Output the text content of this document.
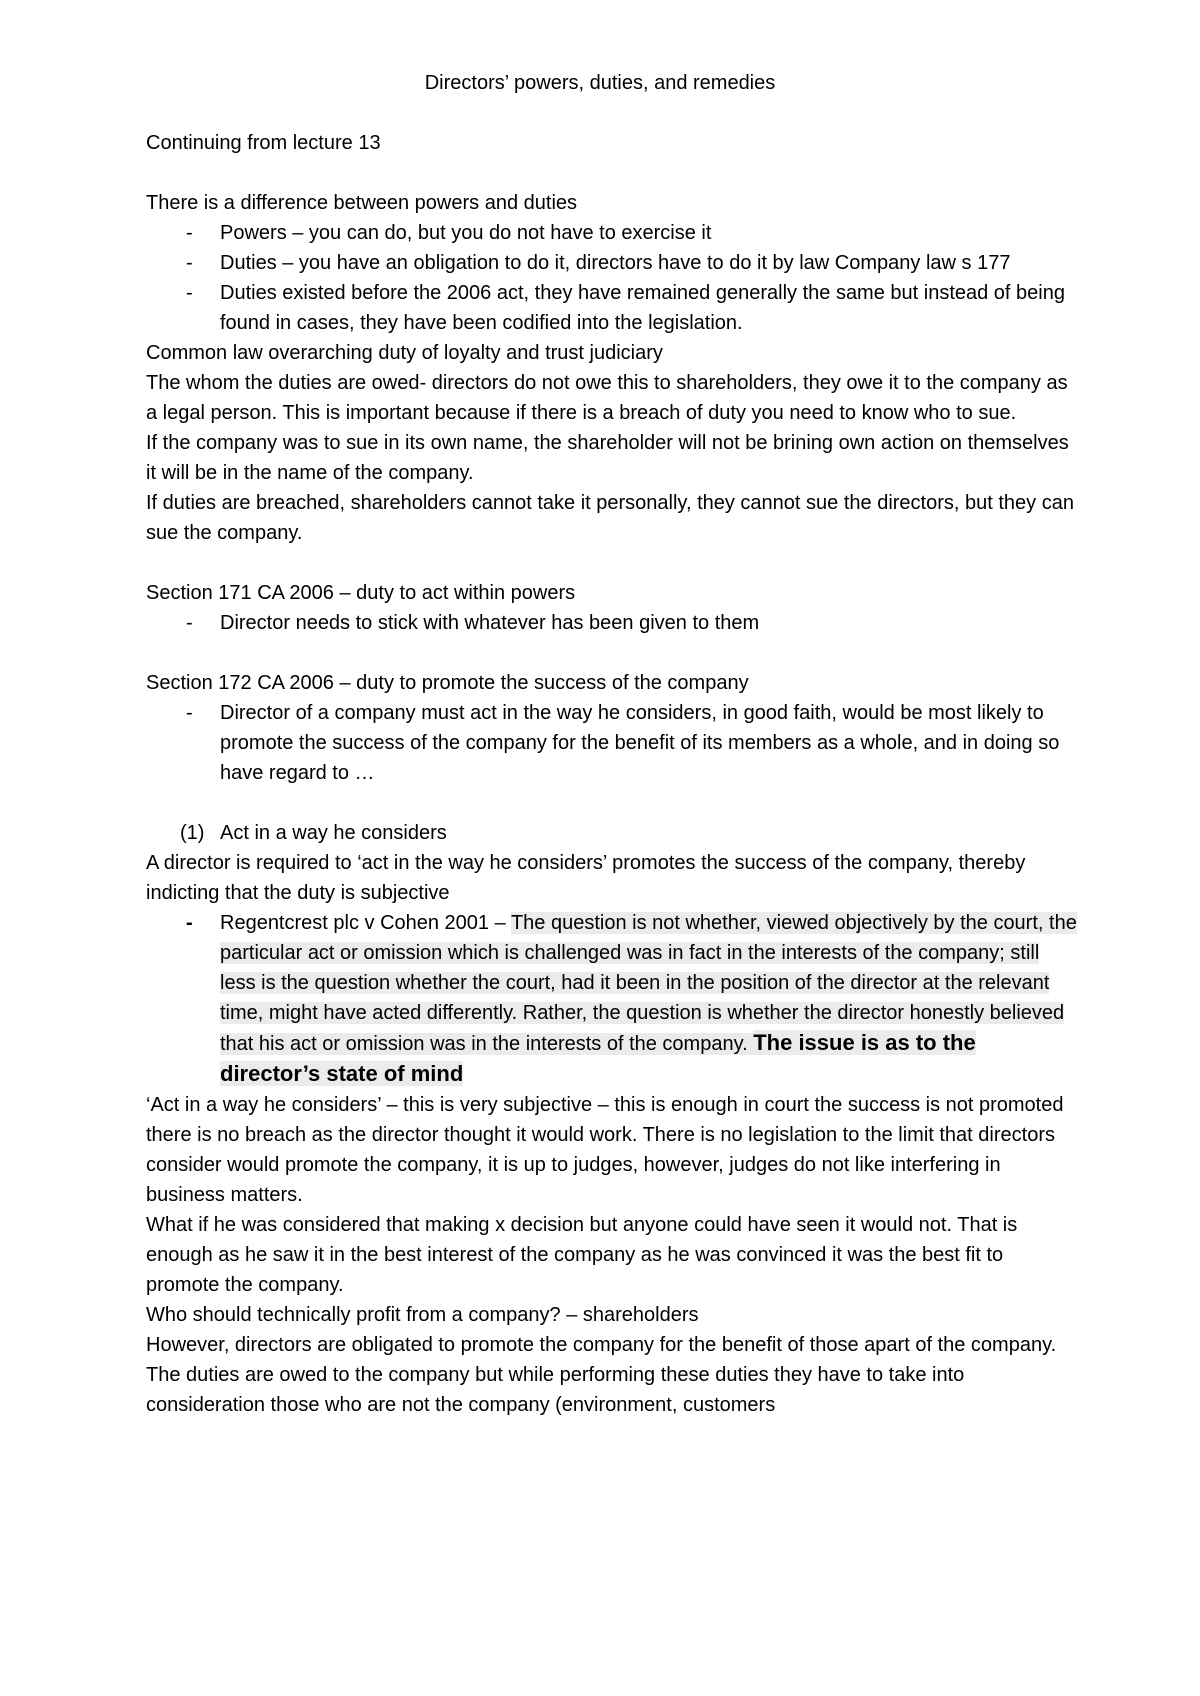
Directors’ powers, duties, and remedies

Continuing from lecture 13

There is a difference between powers and duties

- Powers – you can do, but you do not have to exercise it
- Duties – you have an obligation to do it, directors have to do it by law Company law s 177
- Duties existed before the 2006 act, they have remained generally the same but instead of being found in cases, they have been codified into the legislation.

Common law overarching duty of loyalty and trust judiciary

The whom the duties are owed- directors do not owe this to shareholders, they owe it to the company as a legal person. This is important because if there is a breach of duty you need to know who to sue.

If the company was to sue in its own name, the shareholder will not be brining own action on themselves it will be in the name of the company.

If duties are breached, shareholders cannot take it personally, they cannot sue the directors, but they can sue the company.

Section 171 CA 2006 – duty to act within powers

- Director needs to stick with whatever has been given to them

Section 172 CA 2006 – duty to promote the success of the company

- Director of a company must act in the way he considers, in good faith, would be most likely to promote the success of the company for the benefit of its members as a whole, and in doing so have regard to …

(1) Act in a way he considers

A director is required to ‘act in the way he considers’ promotes the success of the company, thereby indicting that the duty is subjective

- Regentcrest plc v Cohen 2001 – The question is not whether, viewed objectively by the court, the particular act or omission which is challenged was in fact in the interests of the company; still less is the question whether the court, had it been in the position of the director at the relevant time, might have acted differently. Rather, the question is whether the director honestly believed that his act or omission was in the interests of the company. The issue is as to the director’s state of mind

‘Act in a way he considers’ – this is very subjective – this is enough in court the success is not promoted there is no breach as the director thought it would work. There is no legislation to the limit that directors consider would promote the company, it is up to judges, however, judges do not like interfering in business matters.

What if he was considered that making x decision but anyone could have seen it would not. That is enough as he saw it in the best interest of the company as he was convinced it was the best fit to promote the company.

Who should technically profit from a company? – shareholders

However, directors are obligated to promote the company for the benefit of those apart of the company. The duties are owed to the company but while performing these duties they have to take into consideration those who are not the company (environment, customers
